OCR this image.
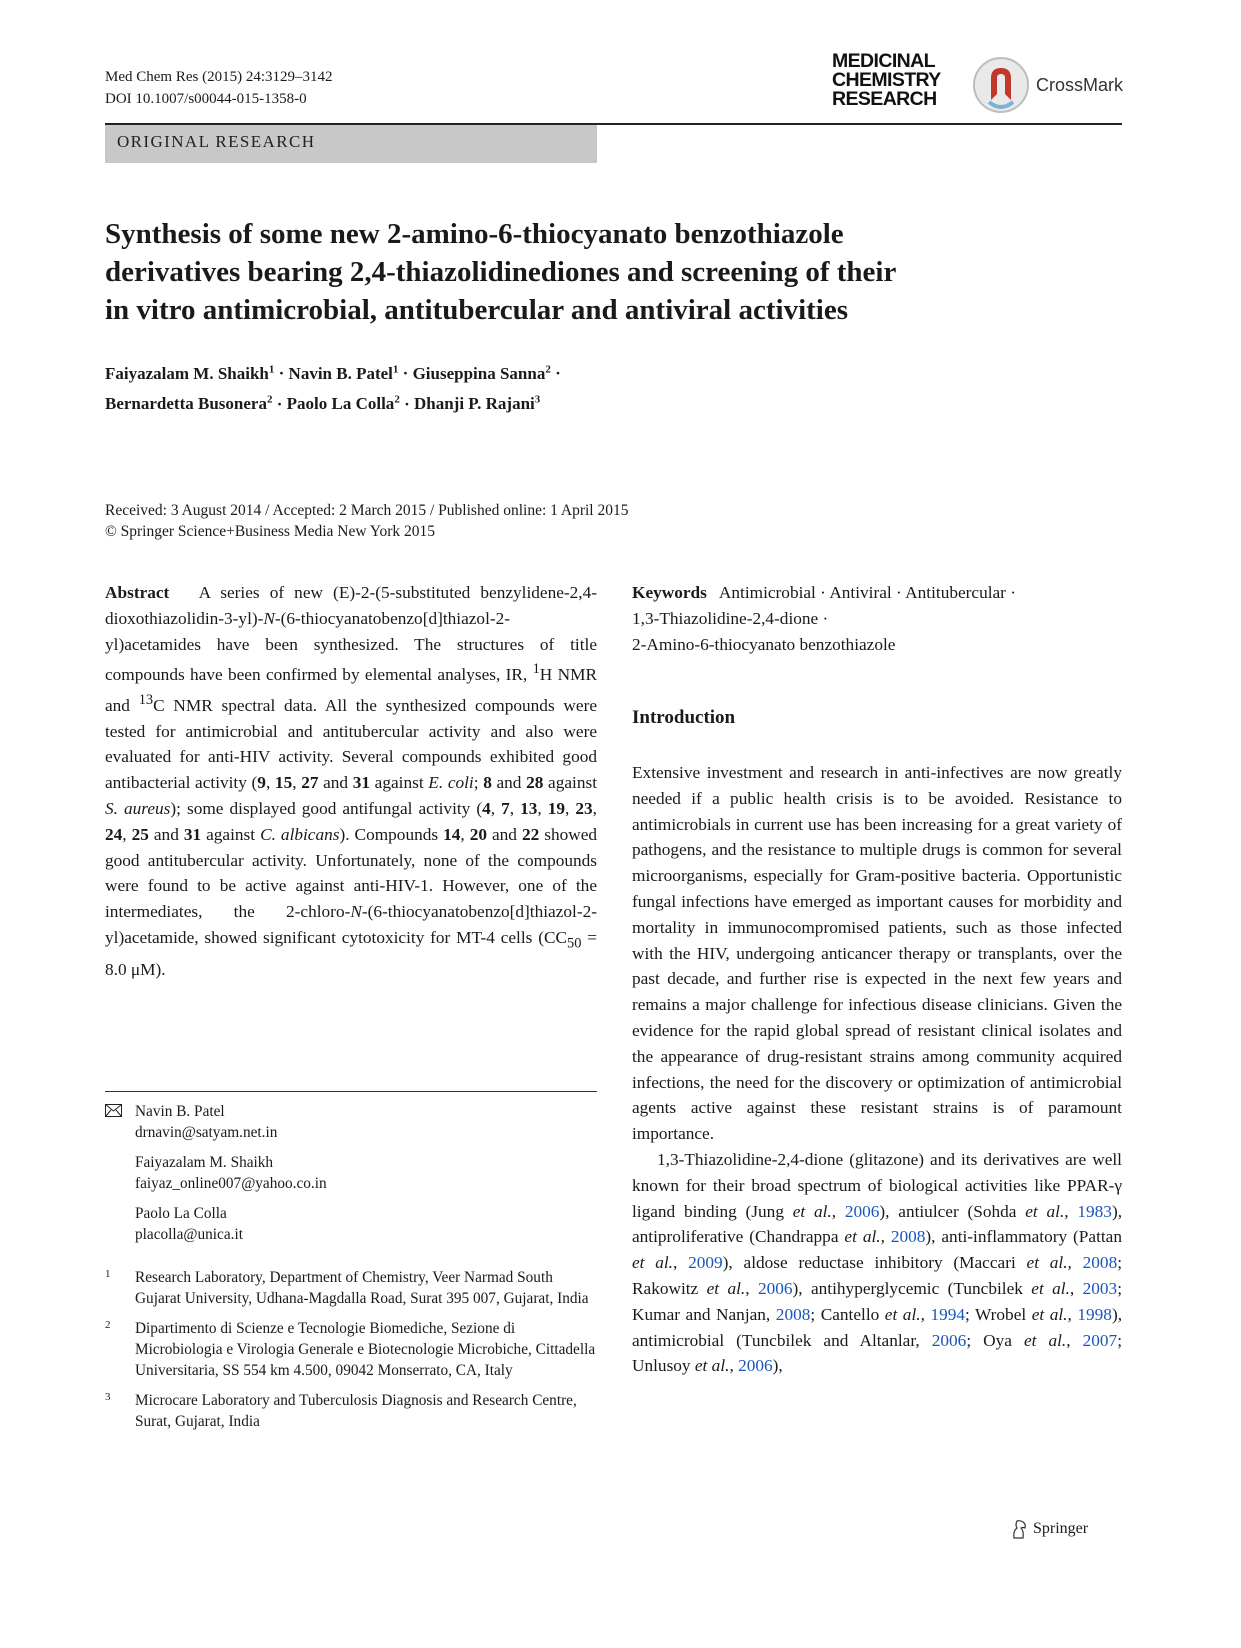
Med Chem Res (2015) 24:3129–3142
DOI 10.1007/s00044-015-1358-0
MEDICINAL
CHEMISTRY
RESEARCH
CrossMark
ORIGINAL RESEARCH
Synthesis of some new 2-amino-6-thiocyanato benzothiazole
derivatives bearing 2,4-thiazolidinediones and screening of their
in vitro antimicrobial, antitubercular and antiviral activities
Faiyazalam M. Shaikh$^1$ · Navin B. Patel$^1$ · Giuseppina Sanna$^2$ ·
Bernardetta Busonera$^2$ · Paolo La Colla$^2$ · Dhanji P. Rajani$^3$
Received: 3 August 2014 / Accepted: 2 March 2015 / Published online: 1 April 2015
© Springer Science+Business Media New York 2015
Abstract A series of new (E)-2-(5-substituted benzylidene-2,4-dioxothiazolidin-3-yl)-N-(6-thiocyanatobenzo[d]thiazol-2-yl)acetamides have been synthesized. The structures of title compounds have been confirmed by elemental analyses, IR, $^1$H NMR and $^{13}$C NMR spectral data. All the synthesized compounds were tested for antimicrobial and antitubercular activity and also were evaluated for anti-HIV activity. Several compounds exhibited good antibacterial activity (9, 15, 27 and 31 against E. coli; 8 and 28 against S. aureus); some displayed good antifungal activity (4, 7, 13, 19, 23, 24, 25 and 31 against C. albicans). Compounds 14, 20 and 22 showed good antitubercular activity. Unfortunately, none of the compounds were found to be active against anti-HIV-1. However, one of the intermediates, the 2-chloro-N-(6-thiocyanatobenzo[d]thiazol-2-yl)acetamide, showed significant cytotoxicity for MT-4 cells ($CC_{50} = 8.0$ μM).
Keywords Antimicrobial · Antiviral · Antitubercular ·
1,3-Thiazolidine-2,4-dione ·
2-Amino-6-thiocyanato benzothiazole
Introduction

Extensive investment and research in anti-infectives are now greatly needed if a public health crisis is to be avoided. Resistance to antimicrobials in current use has been increasing for a great variety of pathogens, and the resistance to multiple drugs is common for several microorganisms, especially for Gram-positive bacteria. Opportunistic fungal infections have emerged as important causes for morbidity and mortality in immunocompromised patients, such as those infected with the HIV, undergoing anticancer therapy or transplants, over the past decade, and further rise is expected in the next few years and remains a major challenge for infectious disease clinicians. Given the evidence for the rapid global spread of resistant clinical isolates and the appearance of drug-resistant strains among community acquired infections, the need for the discovery or optimization of antimicrobial agents active against these resistant strains is of paramount importance.

1,3-Thiazolidine-2,4-dione (glitazone) and its derivatives are well known for their broad spectrum of biological activities like PPAR-γ ligand binding (Jung et al., 2006), antiulcer (Sohda et al., 1983), antiproliferative (Chandrappa et al., 2008), anti-inflammatory (Pattan et al., 2009), aldose reductase inhibitory (Maccari et al., 2008; Rakowitz et al., 2006), antihyperglycemic (Tuncbilek et al., 2003; Kumar and Nanjan, 2008; Cantello et al., 1994; Wrobel et al., 1998), antimicrobial (Tuncbilek and Altanlar, 2006; Oya et al., 2007; Unlusoy et al., 2006),

Navin B. Patel
drnavin@satyam.net.in
Faiyazalam M. Shaikh
faiyaz_online007@yahoo.co.in
Paolo La Colla
placolla@unica.it
1 Research Laboratory, Department of Chemistry, Veer Narmad South Gujarat University, Udhana-Magdalla Road, Surat 395 007, Gujarat, India
2 Dipartimento di Scienze e Tecnologie Biomediche, Sezione di Microbiologia e Virologia Generale e Biotecnologie Microbiche, Cittadella Universitaria, SS 554 km 4.500, 09042 Monserrato, CA, Italy
3 Microcare Laboratory and Tuberculosis Diagnosis and Research Centre, Surat, Gujarat, India
Springer
